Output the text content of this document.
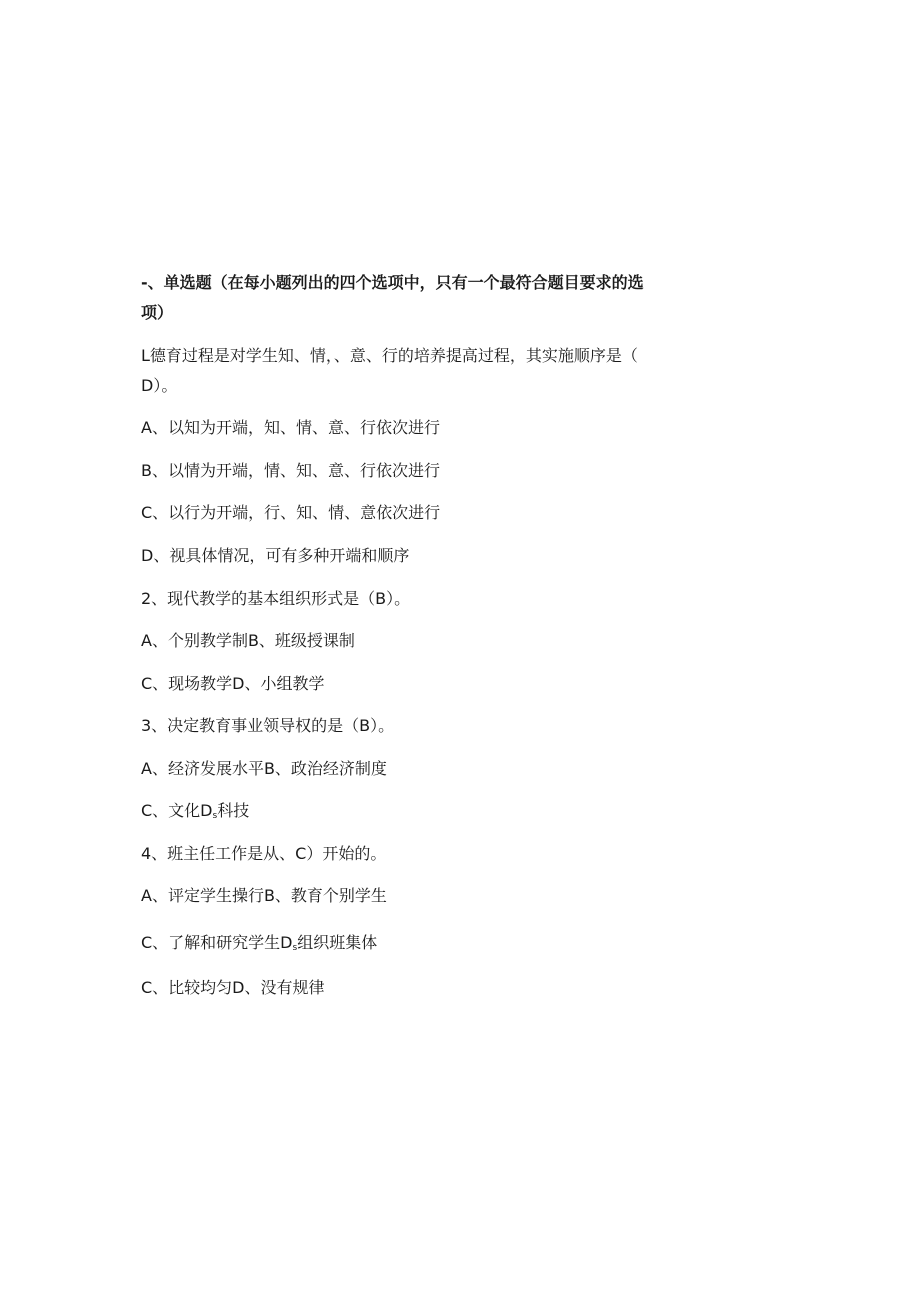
-、单选题（在每小题列出的四个选项中，只有一个最符合题目要求的选
项）
L德育过程是对学生知、情，、意、行的培养提高过程，其实施顺序是（
D）。
A、以知为开端，知、情、意、行依次进行
B、以情为开端，情、知、意、行依次进行
C、以行为开端，行、知、情、意依次进行
D、视具体情况，可有多种开端和顺序
2、现代教学的基本组织形式是（B）。
A、个别教学制B、班级授课制
C、现场教学D、小组教学
3、决定教育事业领导权的是（B）。
A、经济发展水平B、政治经济制度
C、文化$D_s$科技
4、班主任工作是从、C）开始的。
A、评定学生操行B、教育个别学生
C、了解和研究学生$D_s$组织班集体
C、比较均匀D、没有规律
